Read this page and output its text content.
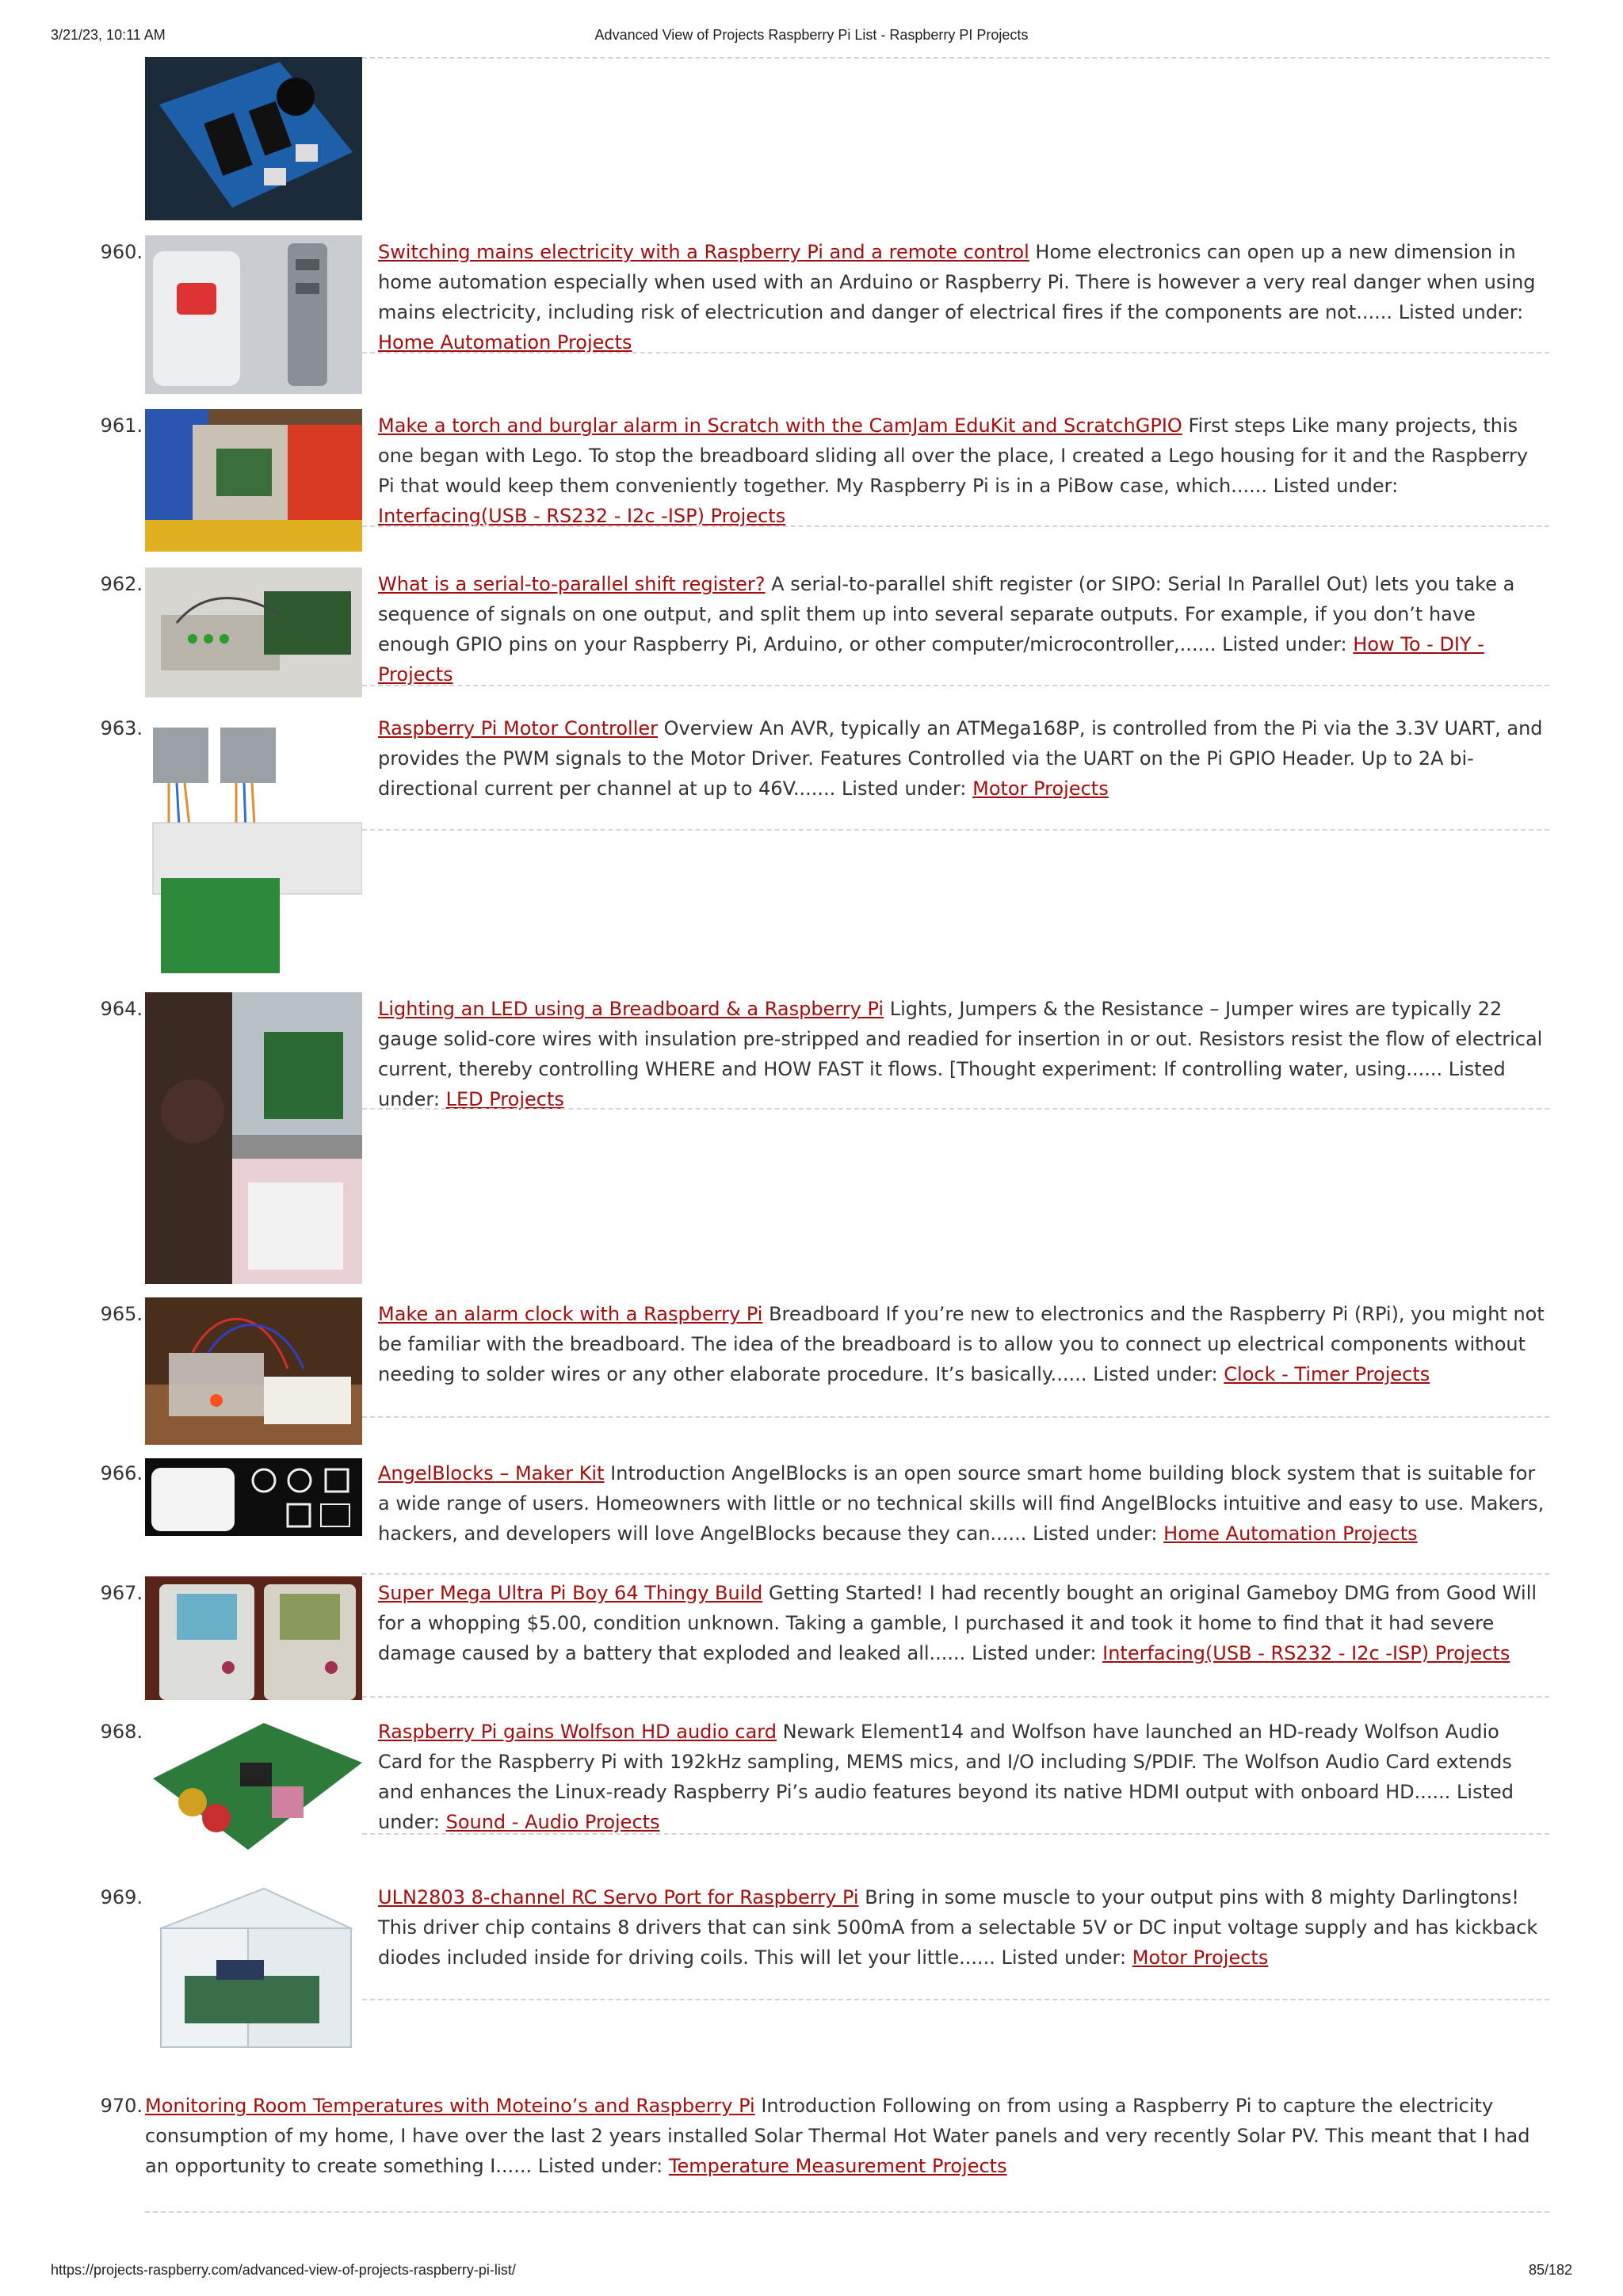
3/21/23, 10:11 AM	Advanced View of Projects Raspberry Pi List - Raspberry PI Projects
960.	Switching mains electricity with a Raspberry Pi and a remote control Home electronics can open up a new dimension in home automation especially when used with an Arduino or Raspberry Pi. There is however a very real danger when using mains electricity, including risk of electricution and danger of electrical fires if the components are not...... Listed under: Home Automation Projects
961.	Make a torch and burglar alarm in Scratch with the CamJam EduKit and ScratchGPIO First steps Like many projects, this one began with Lego. To stop the breadboard sliding all over the place, I created a Lego housing for it and the Raspberry Pi that would keep them conveniently together. My Raspberry Pi is in a PiBow case, which...... Listed under: Interfacing(USB - RS232 - I2c -ISP) Projects
962.	What is a serial-to-parallel shift register? A serial-to-parallel shift register (or SIPO: Serial In Parallel Out) lets you take a sequence of signals on one output, and split them up into several separate outputs. For example, if you don’t have enough GPIO pins on your Raspberry Pi, Arduino, or other computer/microcontroller,...... Listed under: How To - DIY - Projects
963.	Raspberry Pi Motor Controller Overview An AVR, typically an ATMega168P, is controlled from the Pi via the 3.3V UART, and provides the PWM signals to the Motor Driver. Features Controlled via the UART on the Pi GPIO Header. Up to 2A bi-directional current per channel at up to 46V....... Listed under: Motor Projects
964.	Lighting an LED using a Breadboard & a Raspberry Pi Lights, Jumpers & the Resistance – Jumper wires are typically 22 gauge solid-core wires with insulation pre-stripped and readied for insertion in or out. Resistors resist the flow of electrical current, thereby controlling WHERE and HOW FAST it flows. [Thought experiment: If controlling water, using...... Listed under: LED Projects
965.	Make an alarm clock with a Raspberry Pi Breadboard If you’re new to electronics and the Raspberry Pi (RPi), you might not be familiar with the breadboard. The idea of the breadboard is to allow you to connect up electrical components without needing to solder wires or any other elaborate procedure. It’s basically...... Listed under: Clock - Timer Projects
966.	AngelBlocks – Maker Kit Introduction AngelBlocks is an open source smart home building block system that is suitable for a wide range of users. Homeowners with little or no technical skills will find AngelBlocks intuitive and easy to use. Makers, hackers, and developers will love AngelBlocks because they can...... Listed under: Home Automation Projects
967.	Super Mega Ultra Pi Boy 64 Thingy Build Getting Started! I had recently bought an original Gameboy DMG from Good Will for a whopping $5.00, condition unknown. Taking a gamble, I purchased it and took it home to find that it had severe damage caused by a battery that exploded and leaked all...... Listed under: Interfacing(USB - RS232 - I2c -ISP) Projects
968.	Raspberry Pi gains Wolfson HD audio card Newark Element14 and Wolfson have launched an HD-ready Wolfson Audio Card for the Raspberry Pi with 192kHz sampling, MEMS mics, and I/O including S/PDIF. The Wolfson Audio Card extends and enhances the Linux-ready Raspberry Pi’s audio features beyond its native HDMI output with onboard HD...... Listed under: Sound - Audio Projects
969.	ULN2803 8-channel RC Servo Port for Raspberry Pi Bring in some muscle to your output pins with 8 mighty Darlingtons! This driver chip contains 8 drivers that can sink 500mA from a selectable 5V or DC input voltage supply and has kickback diodes included inside for driving coils. This will let your little...... Listed under: Motor Projects
970. Monitoring Room Temperatures with Moteino’s and Raspberry Pi Introduction Following on from using a Raspberry Pi to capture the electricity consumption of my home, I have over the last 2 years installed Solar Thermal Hot Water panels and very recently Solar PV. This meant that I had an opportunity to create something I...... Listed under: Temperature Measurement Projects
https://projects-raspberry.com/advanced-view-of-projects-raspberry-pi-list/	85/182
